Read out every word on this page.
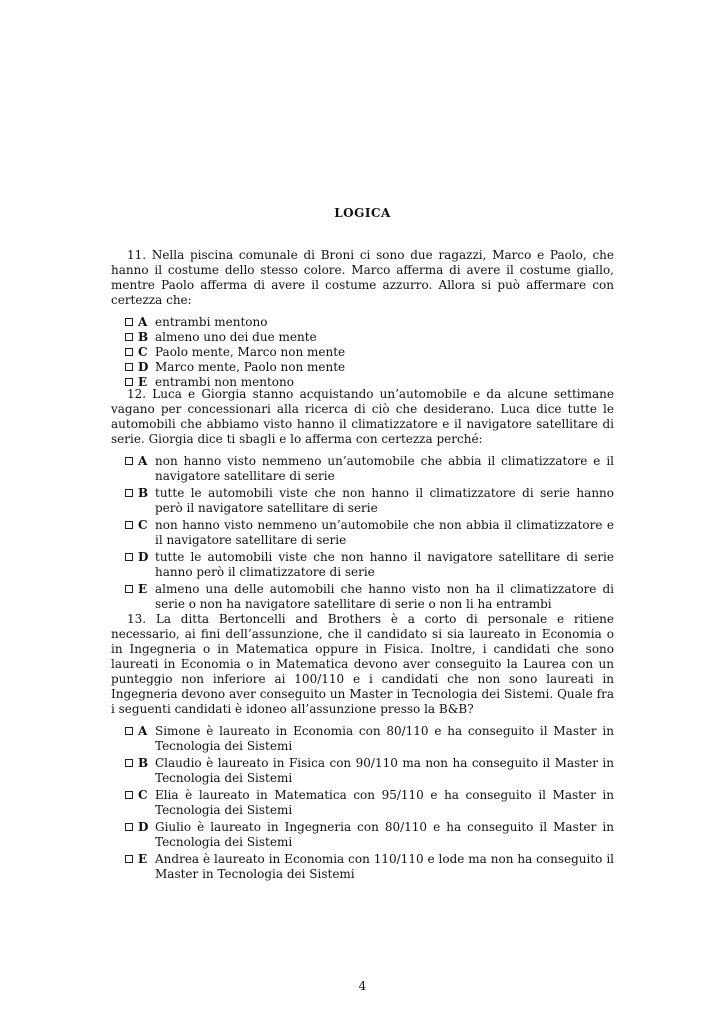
LOGICA

11. Nella piscina comunale di Broni ci sono due ragazzi, Marco e Paolo, che hanno il costume dello stesso colore. Marco afferma di avere il costume giallo, mentre Paolo afferma di avere il costume azzurro. Allora si può affermare con certezza che:

A entrambi mentono
B almeno uno dei due mente
C Paolo mente, Marco non mente
D Marco mente, Paolo non mente
E entrambi non mentono

12. Luca e Giorgia stanno acquistando un’automobile e da alcune settimane vagano per concessionari alla ricerca di ciò che desiderano. Luca dice tutte le automobili che abbiamo visto hanno il climatizzatore e il navigatore satellitare di serie. Giorgia dice ti sbagli e lo afferma con certezza perché:

A non hanno visto nemmeno un’automobile che abbia il climatizzatore e il navigatore satellitare di serie
B tutte le automobili viste che non hanno il climatizzatore di serie hanno però il navigatore satellitare di serie
C non hanno visto nemmeno un’automobile che non abbia il climatizzatore e il navigatore satellitare di serie
D tutte le automobili viste che non hanno il navigatore satellitare di serie hanno però il climatizzatore di serie
E almeno una delle automobili che hanno visto non ha il climatizzatore di serie o non ha navigatore satellitare di serie o non li ha entrambi

13. La ditta Bertoncelli and Brothers è a corto di personale e ritiene necessario, ai fini dell’assunzione, che il candidato si sia laureato in Economia o in Ingegneria o in Matematica oppure in Fisica. Inoltre, i candidati che sono laureati in Economia o in Matematica devono aver conseguito la Laurea con un punteggio non inferiore ai 100/110 e i candidati che non sono laureati in Ingegneria devono aver conseguito un Master in Tecnologia dei Sistemi. Quale fra i seguenti candidati è idoneo all’assunzione presso la B&B?

A Simone è laureato in Economia con 80/110 e ha conseguito il Master in Tecnologia dei Sistemi
B Claudio è laureato in Fisica con 90/110 ma non ha conseguito il Master in Tecnologia dei Sistemi
C Elia è laureato in Matematica con 95/110 e ha conseguito il Master in Tecnologia dei Sistemi
D Giulio è laureato in Ingegneria con 80/110 e ha conseguito il Master in Tecnologia dei Sistemi
E Andrea è laureato in Economia con 110/110 e lode ma non ha conseguito il Master in Tecnologia dei Sistemi
4
